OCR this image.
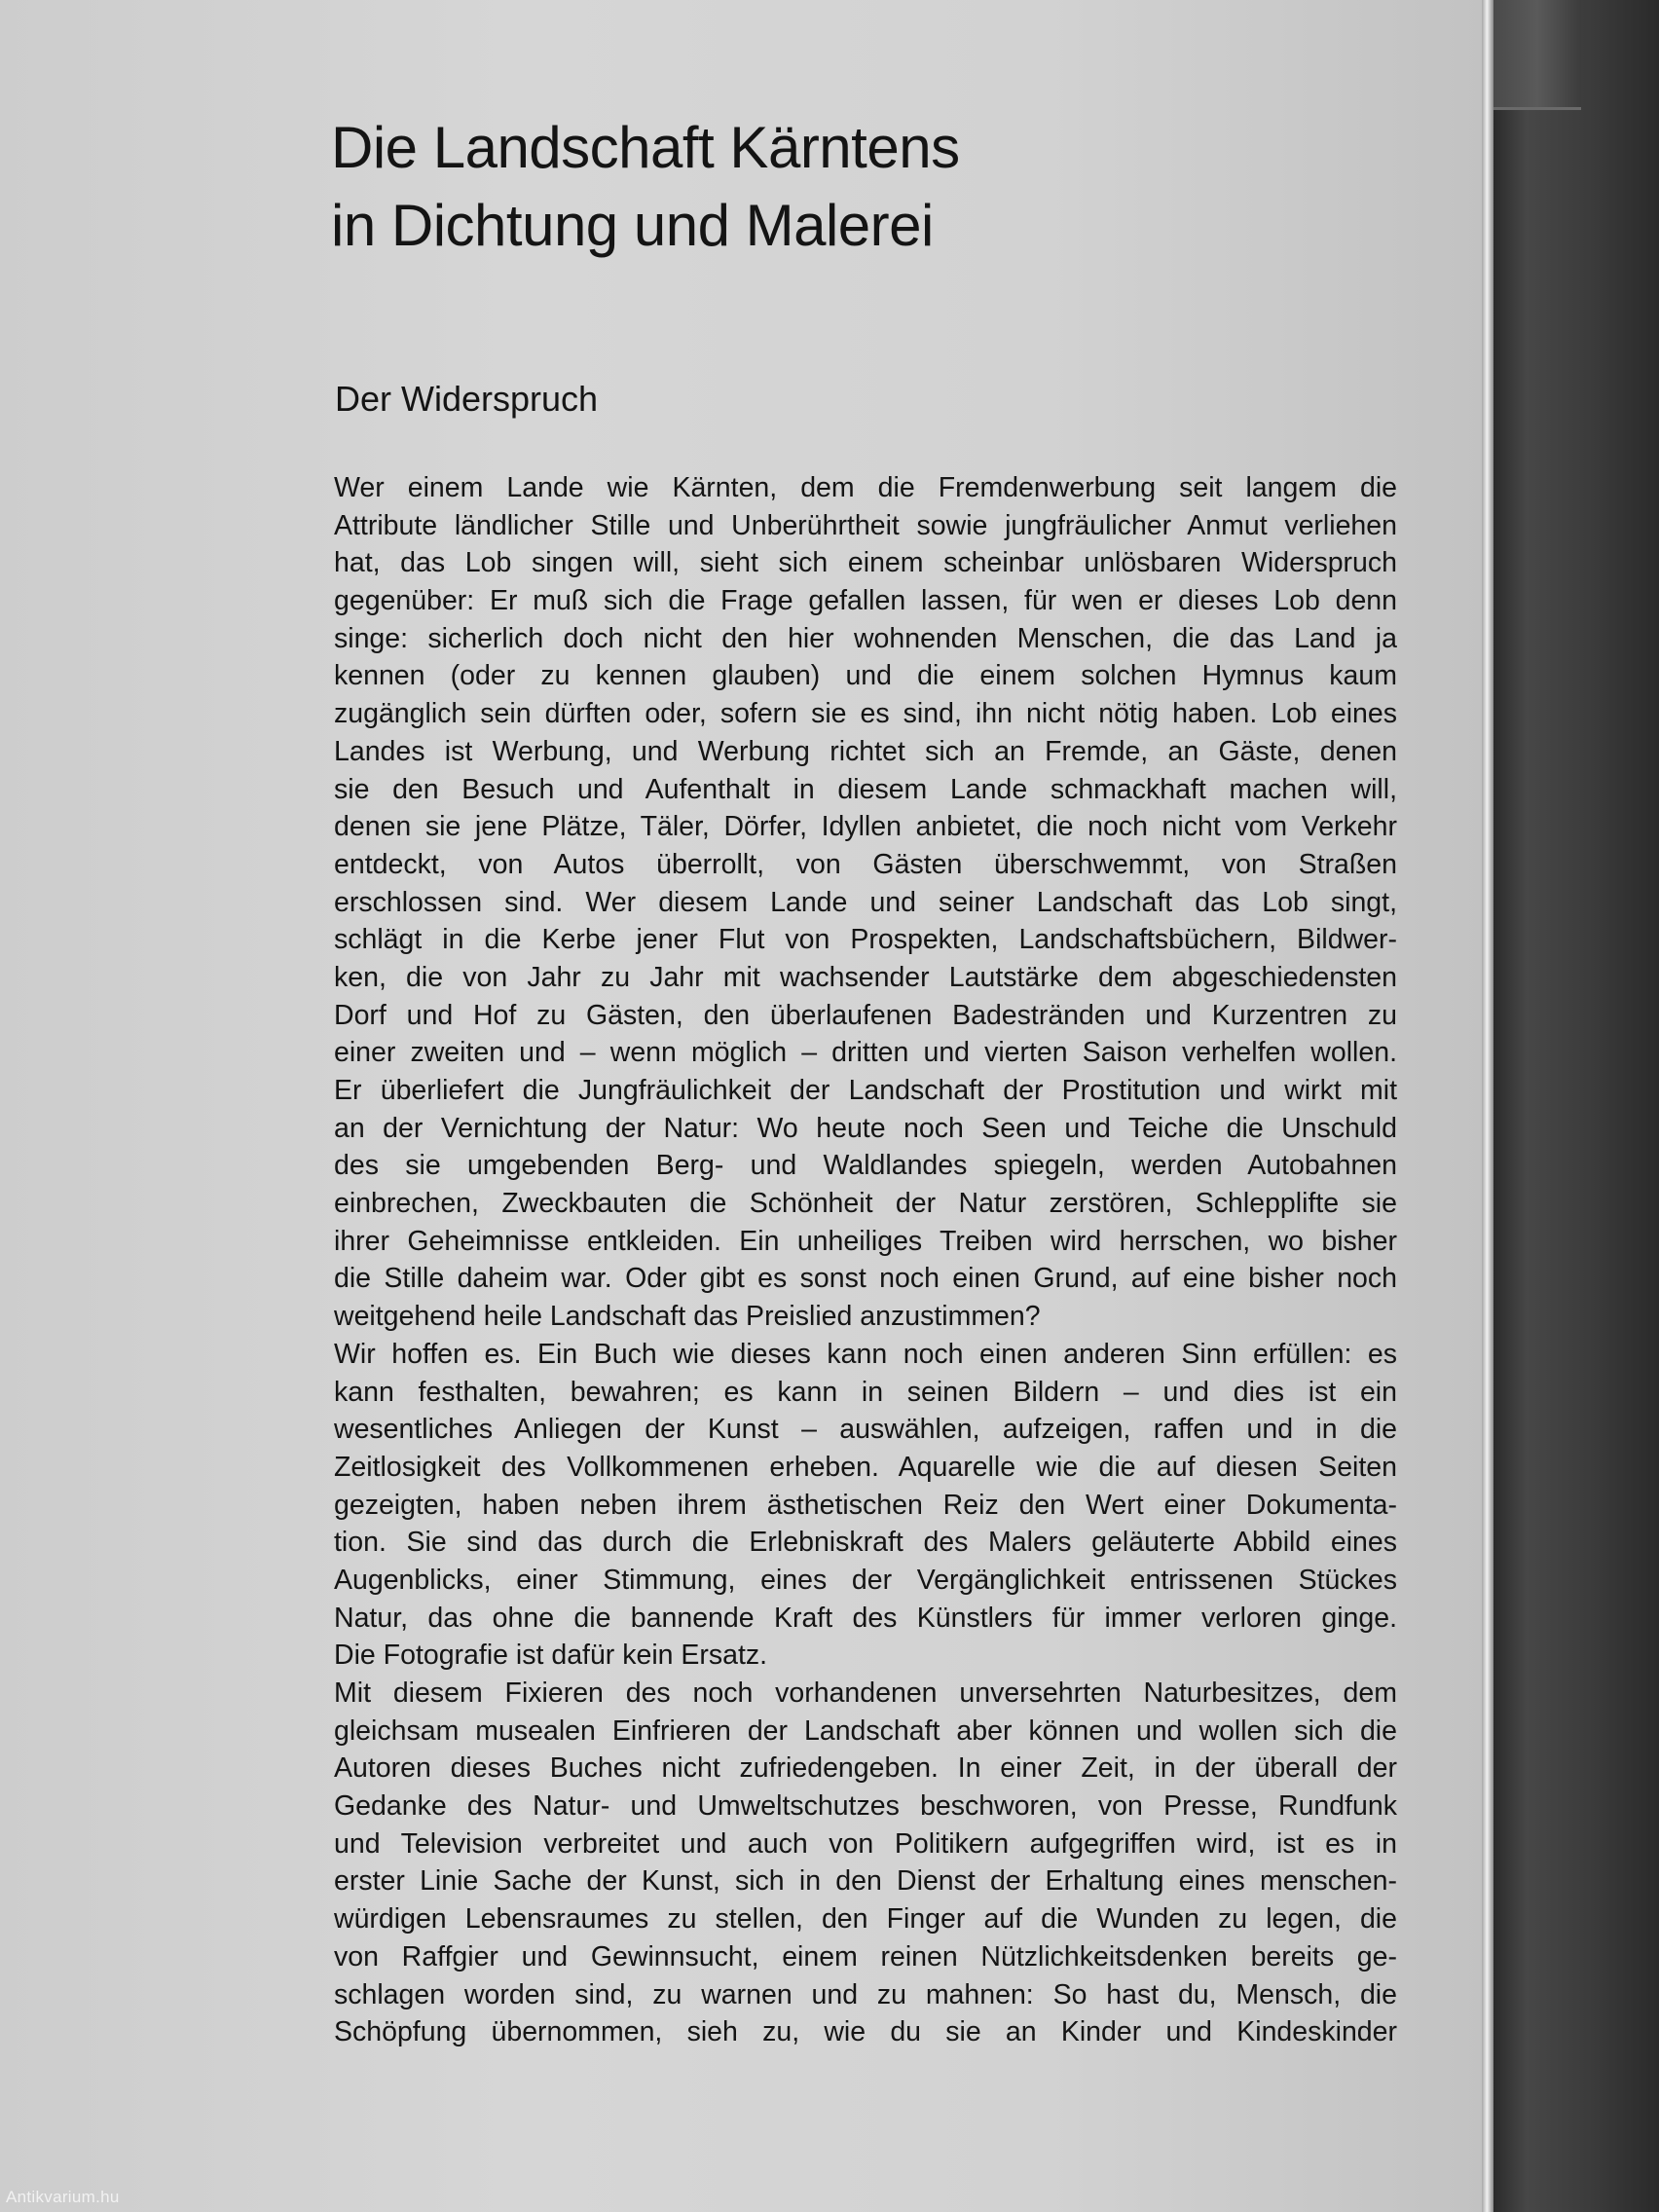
Die Landschaft Kärntens
in Dichtung und Malerei
Der Widerspruch
Wer einem Lande wie Kärnten, dem die Fremdenwerbung seit langem die
Attribute ländlicher Stille und Unberührtheit sowie jungfräulicher Anmut verliehen
hat, das Lob singen will, sieht sich einem scheinbar unlösbaren Widerspruch
gegenüber: Er muß sich die Frage gefallen lassen, für wen er dieses Lob denn
singe: sicherlich doch nicht den hier wohnenden Menschen, die das Land ja
kennen (oder zu kennen glauben) und die einem solchen Hymnus kaum
zugänglich sein dürften oder, sofern sie es sind, ihn nicht nötig haben. Lob eines
Landes ist Werbung, und Werbung richtet sich an Fremde, an Gäste, denen
sie den Besuch und Aufenthalt in diesem Lande schmackhaft machen will,
denen sie jene Plätze, Täler, Dörfer, Idyllen anbietet, die noch nicht vom Verkehr
entdeckt, von Autos überrollt, von Gästen überschwemmt, von Straßen
erschlossen sind. Wer diesem Lande und seiner Landschaft das Lob singt,
schlägt in die Kerbe jener Flut von Prospekten, Landschaftsbüchern, Bildwer-
ken, die von Jahr zu Jahr mit wachsender Lautstärke dem abgeschiedensten
Dorf und Hof zu Gästen, den überlaufenen Badestränden und Kurzentren zu
einer zweiten und – wenn möglich – dritten und vierten Saison verhelfen wollen.
Er überliefert die Jungfräulichkeit der Landschaft der Prostitution und wirkt mit
an der Vernichtung der Natur: Wo heute noch Seen und Teiche die Unschuld
des sie umgebenden Berg- und Waldlandes spiegeln, werden Autobahnen
einbrechen, Zweckbauten die Schönheit der Natur zerstören, Schlepplifte sie
ihrer Geheimnisse entkleiden. Ein unheiliges Treiben wird herrschen, wo bisher
die Stille daheim war. Oder gibt es sonst noch einen Grund, auf eine bisher noch
weitgehend heile Landschaft das Preislied anzustimmen?
Wir hoffen es. Ein Buch wie dieses kann noch einen anderen Sinn erfüllen: es
kann festhalten, bewahren; es kann in seinen Bildern – und dies ist ein
wesentliches Anliegen der Kunst – auswählen, aufzeigen, raffen und in die
Zeitlosigkeit des Vollkommenen erheben. Aquarelle wie die auf diesen Seiten
gezeigten, haben neben ihrem ästhetischen Reiz den Wert einer Dokumenta-
tion. Sie sind das durch die Erlebniskraft des Malers geläuterte Abbild eines
Augenblicks, einer Stimmung, eines der Vergänglichkeit entrissenen Stückes
Natur, das ohne die bannende Kraft des Künstlers für immer verloren ginge.
Die Fotografie ist dafür kein Ersatz.
Mit diesem Fixieren des noch vorhandenen unversehrten Naturbesitzes, dem
gleichsam musealen Einfrieren der Landschaft aber können und wollen sich die
Autoren dieses Buches nicht zufriedengeben. In einer Zeit, in der überall der
Gedanke des Natur- und Umweltschutzes beschworen, von Presse, Rundfunk
und Television verbreitet und auch von Politikern aufgegriffen wird, ist es in
erster Linie Sache der Kunst, sich in den Dienst der Erhaltung eines menschen-
würdigen Lebensraumes zu stellen, den Finger auf die Wunden zu legen, die
von Raffgier und Gewinnsucht, einem reinen Nützlichkeitsdenken bereits ge-
schlagen worden sind, zu warnen und zu mahnen: So hast du, Mensch, die
Schöpfung übernommen, sieh zu, wie du sie an Kinder und Kindeskinder
Antikvarium.hu
